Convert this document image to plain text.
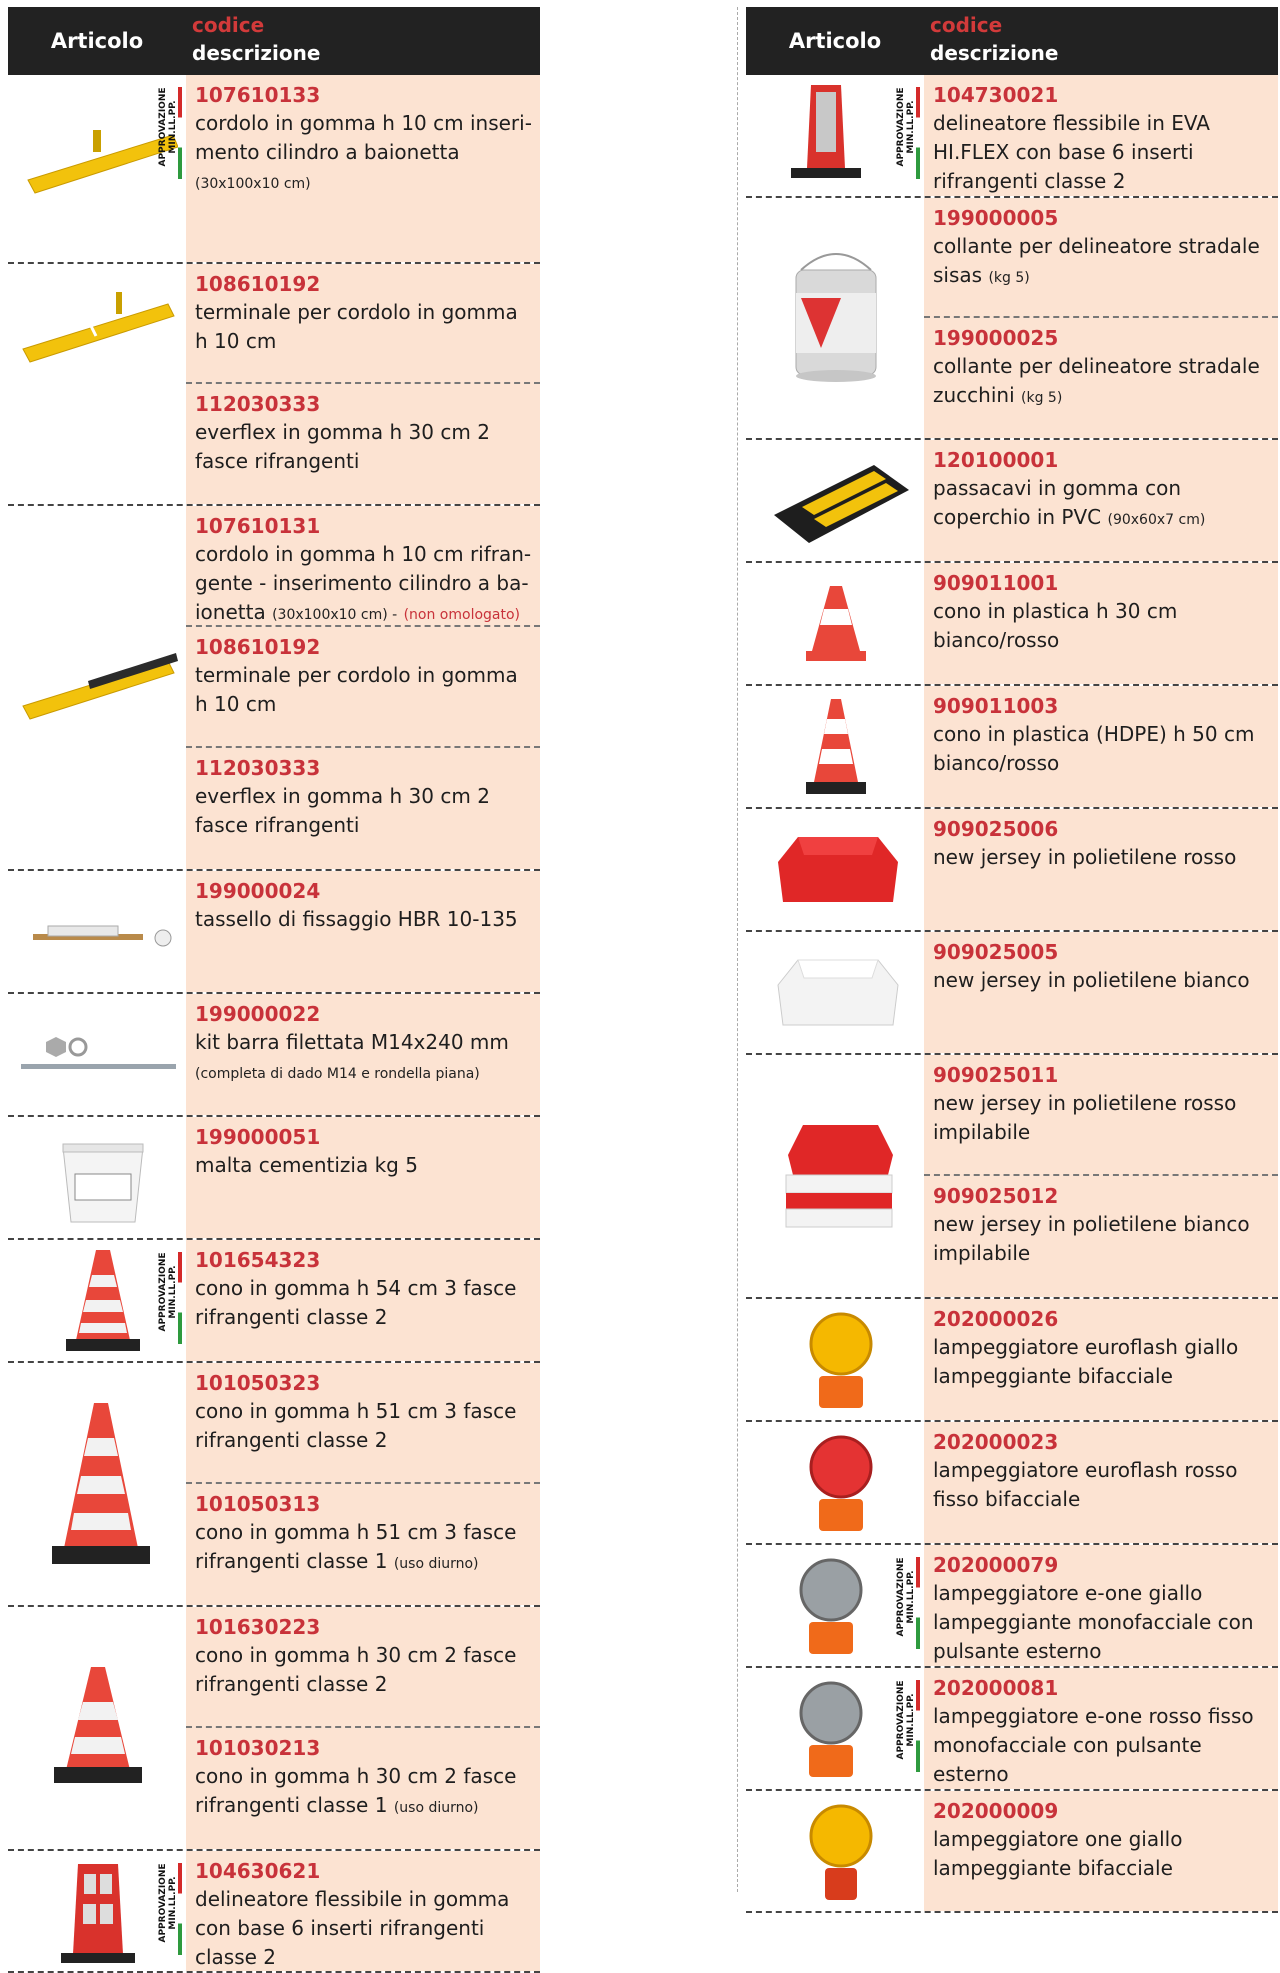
Articolo
codice
descrizione
APPROVAZIONE
MIN.LL.PP.
107610133
cordolo in gomma h 10 cm inseri-mento cilindro a baionetta (30x100x10 cm)
108610192
terminale per cordolo in gomma h 10 cm
112030333
everflex in gomma h 30 cm 2 fasce rifrangenti
107610131
cordolo in gomma h 10 cm rifran-gente - inserimento cilindro a ba-ionetta (30x100x10 cm) - (non omologato)
108610192
terminale per cordolo in gomma h 10 cm
112030333
everflex in gomma h 30 cm 2 fasce rifrangenti
199000024
tassello di fissaggio HBR 10-135
199000022
kit barra filettata M14x240 mm (completa di dado M14 e rondella piana)
199000051
malta cementizia kg 5
APPROVAZIONE
MIN.LL.PP.
101654323
cono in gomma h 54 cm 3 fasce rifrangenti classe 2
101050323
cono in gomma h 51 cm 3 fasce rifrangenti classe 2
101050313
cono in gomma h 51 cm 3 fasce rifrangenti classe 1 (uso diurno)
101630223
cono in gomma h 30 cm 2 fasce rifrangenti classe 2
101030213
cono in gomma h 30 cm 2 fasce rifrangenti classe 1 (uso diurno)
APPROVAZIONE
MIN.LL.PP.
104630621
delineatore flessibile in gomma con base 6 inserti rifrangenti classe 2
Articolo
codice
descrizione
APPROVAZIONE
MIN.LL.PP.
104730021
delineatore flessibile in EVA HI.FLEX con base 6 inserti rifrangenti classe 2
199000005
collante per delineatore stradale sisas (kg 5)
199000025
collante per delineatore stradale zucchini (kg 5)
120100001
passacavi in gomma con coperchio in PVC (90x60x7 cm)
909011001
cono in plastica h 30 cm bianco/rosso
909011003
cono in plastica (HDPE) h 50 cm bianco/rosso
909025006
new jersey in polietilene rosso
909025005
new jersey in polietilene bianco
909025011
new jersey in polietilene rosso impilabile
909025012
new jersey in polietilene bianco impilabile
202000026
lampeggiatore euroflash giallo lampeggiante bifacciale
202000023
lampeggiatore euroflash rosso fisso bifacciale
APPROVAZIONE
MIN.LL.PP.
202000079
lampeggiatore e-one giallo lampeggiante monofacciale con pulsante esterno
APPROVAZIONE
MIN.LL.PP.
202000081
lampeggiatore e-one rosso fisso monofacciale con pulsante esterno
202000009
lampeggiatore one giallo lampeggiante bifacciale
